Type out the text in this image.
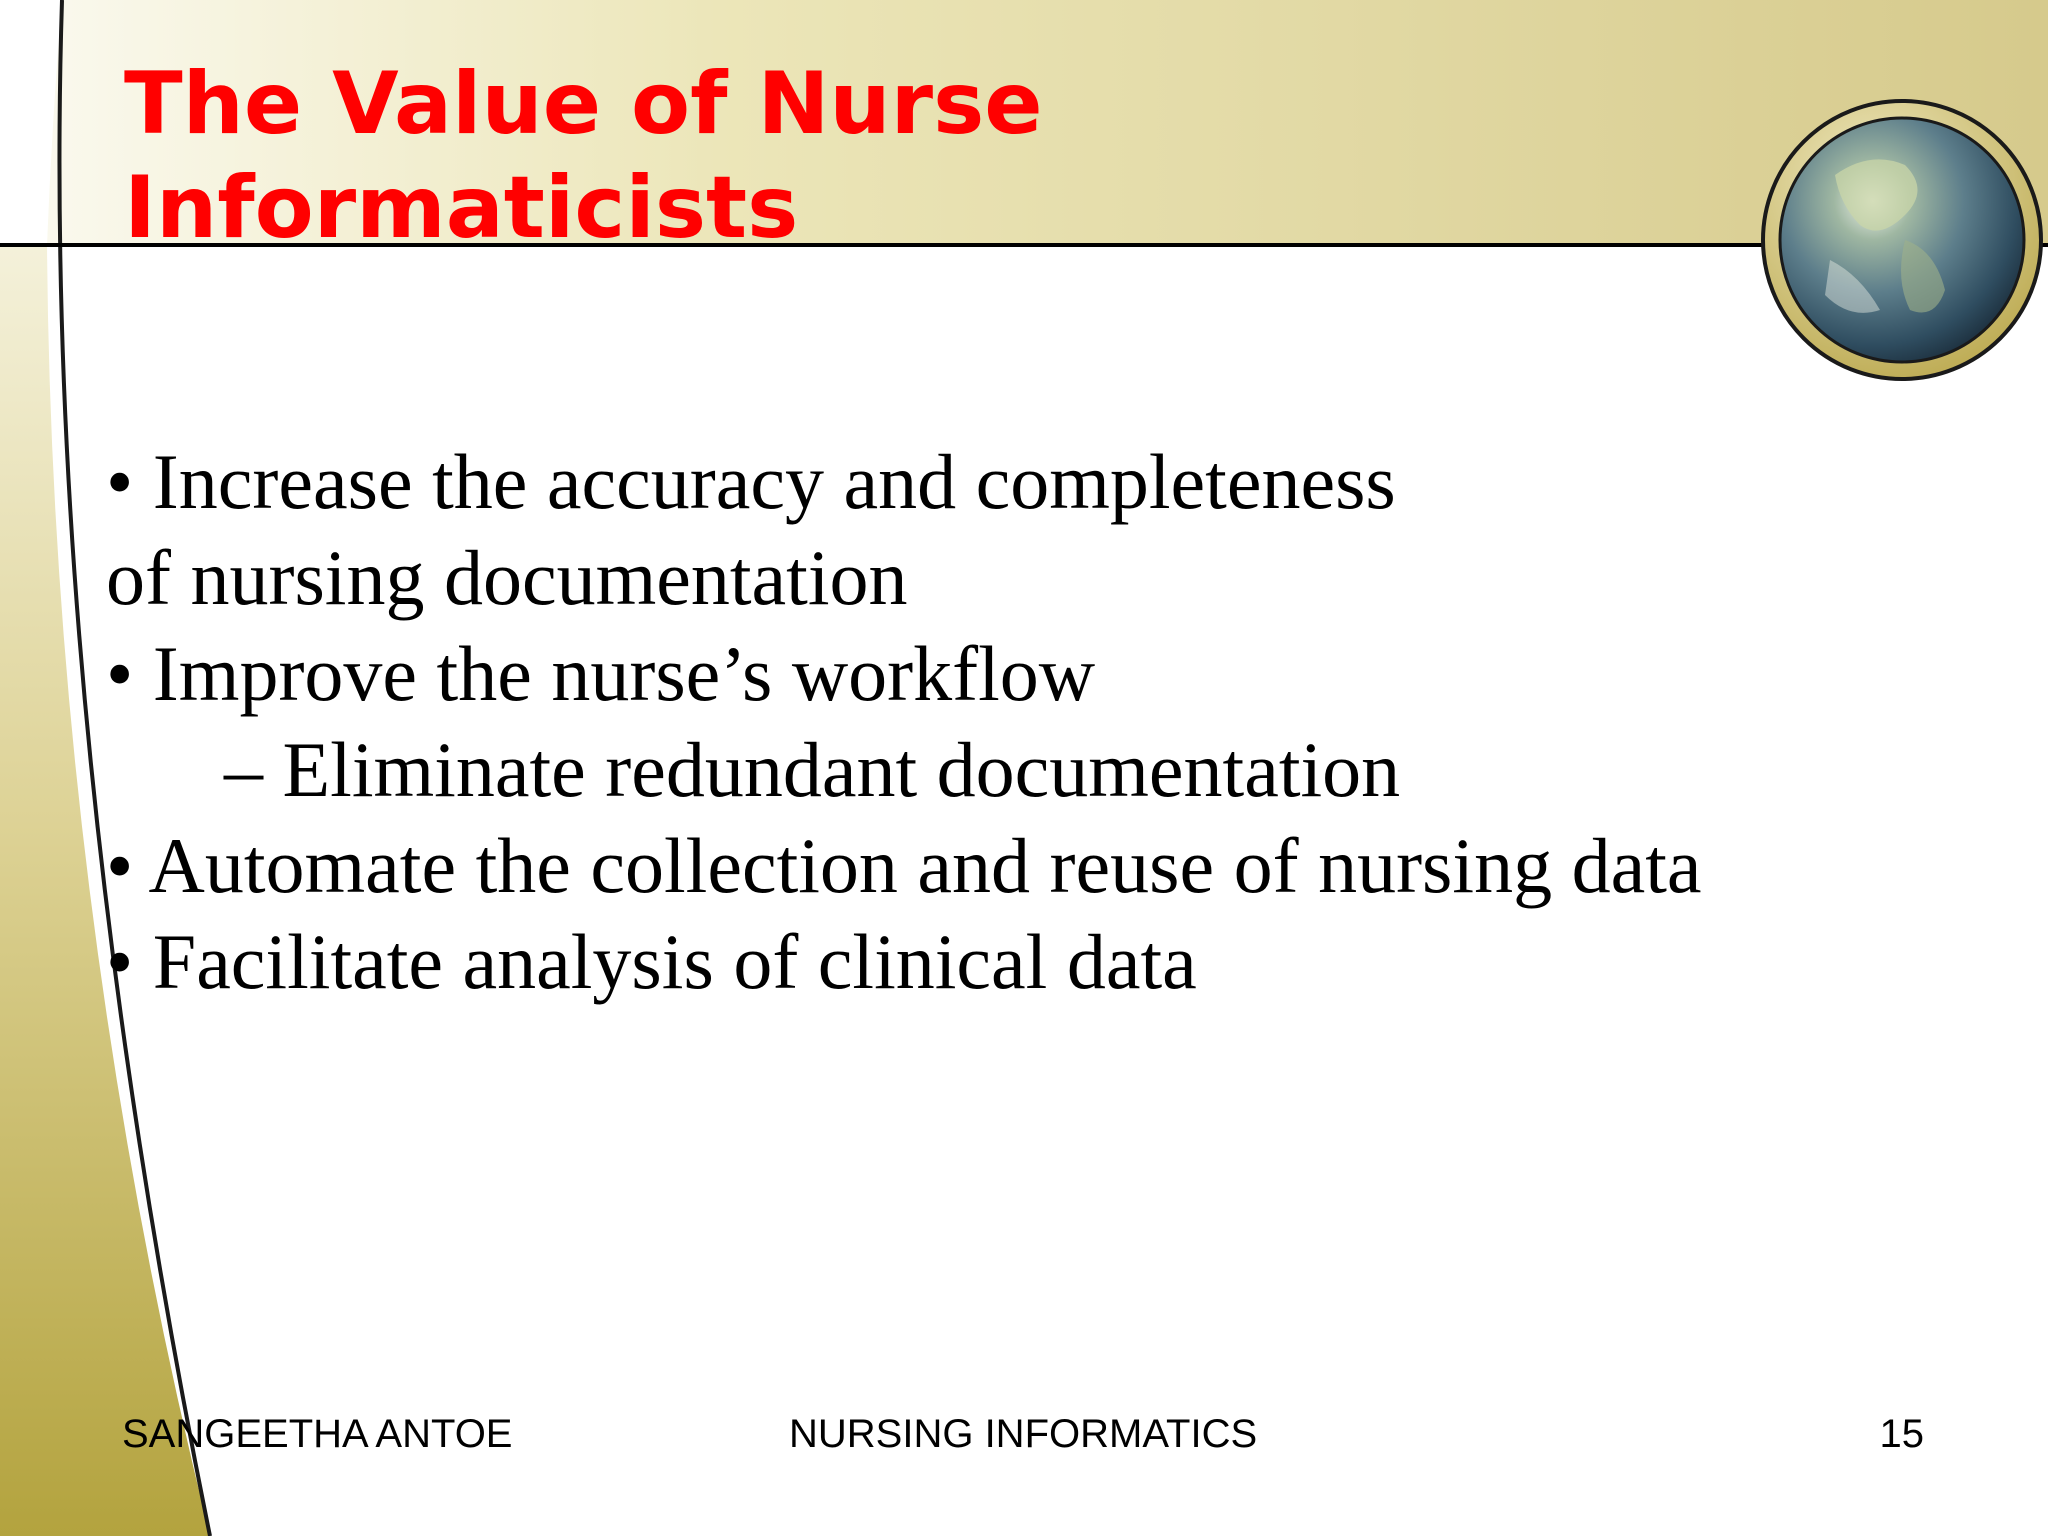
The Value of Nurse
Informaticists
• Increase the accuracy and completeness
of nursing documentation
• Improve the nurse’s workflow
– Eliminate redundant documentation
• Automate the collection and reuse of nursing data
• Facilitate analysis of clinical data
SANGEETHA ANTOE	NURSING INFORMATICS	15
